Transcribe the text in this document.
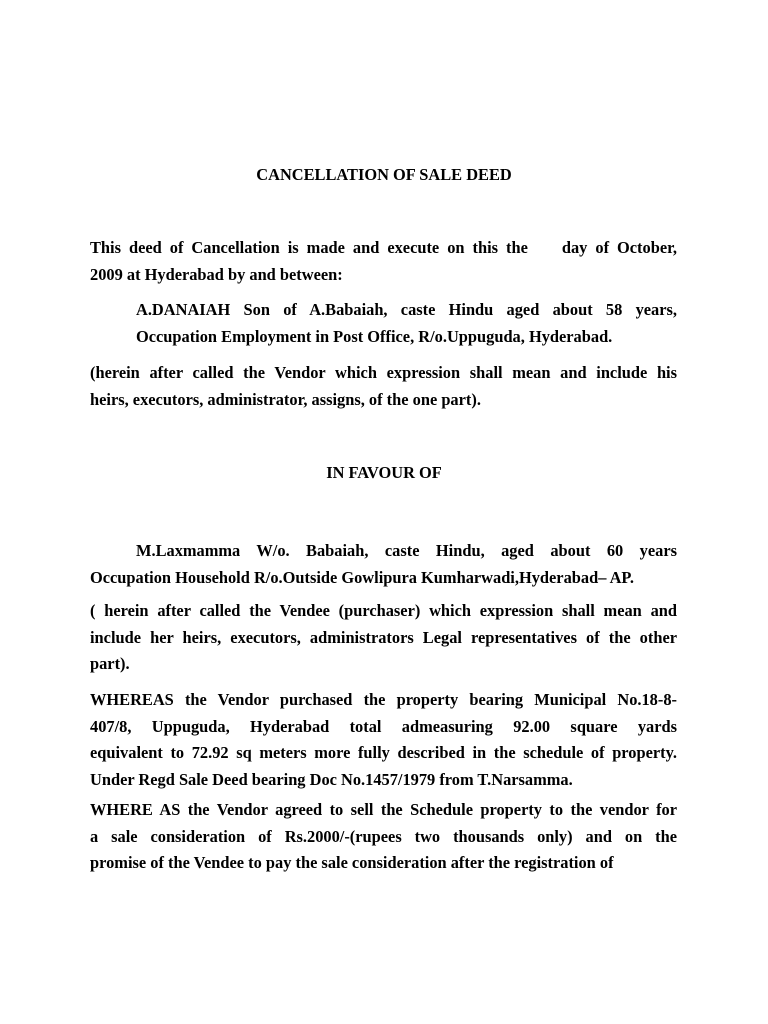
CANCELLATION OF SALE DEED
This deed of Cancellation is made and execute on this the day of October,
2009 at Hyderabad by and between:
A.DANAIAH Son of A.Babaiah, caste Hindu aged about 58 years,
Occupation Employment in Post Office, R/o.Uppuguda, Hyderabad.
(herein after called the Vendor which expression shall mean and include his
heirs, executors, administrator, assigns, of the one part).
IN FAVOUR OF
M.Laxmamma W/o. Babaiah, caste Hindu, aged about 60 years
Occupation Household R/o.Outside Gowlipura Kumharwadi,Hyderabad– AP.
( herein after called the Vendee (purchaser) which expression shall mean and
include her heirs, executors, administrators Legal representatives of the other
part).
WHEREAS the Vendor purchased the property bearing Municipal No.18-8-
407/8, Uppuguda, Hyderabad total admeasuring 92.00 square yards
equivalent to 72.92 sq meters more fully described in the schedule of property.
Under Regd Sale Deed bearing Doc No.1457/1979 from T.Narsamma.
WHERE AS the Vendor agreed to sell the Schedule property to the vendor for
a sale consideration of Rs.2000/-(rupees two thousands only) and on the
promise of the Vendee to pay the sale consideration after the registration of
